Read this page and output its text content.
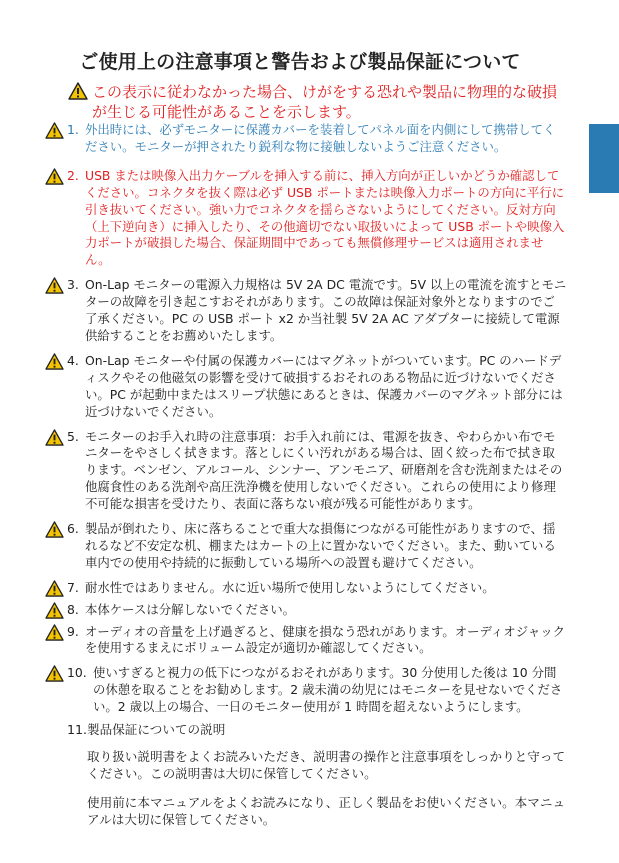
ご使用上の注意事項と警告および製品保証について
この表示に従わなかった場合、けがをする恐れや製品に物理的な破損が生じる可能性があることを示します。
1. 外出時には、必ずモニターに保護カバーを装着してパネル面を内側にして携帯してください。モニターが押されたり鋭利な物に接触しないようご注意ください。
2. USB または映像入出力ケーブルを挿入する前に、挿入方向が正しいかどうか確認してください。コネクタを抜く際は必ず USB ポートまたは映像入力ポートの方向に平行に引き抜いてください。強い力でコネクタを揺らさないようにしてください。反対方向（上下逆向き）に挿入したり、その他適切でない取扱いによって USB ポートや映像入力ポートが破損した場合、保証期間中であっても無償修理サービスは適用されません。
3. On-Lap モニターの電源入力規格は 5V 2A DC 電流です。5V 以上の電流を流すとモニターの故障を引き起こすおそれがあります。この故障は保証対象外となりますのでご了承ください。PC の USB ポート x2 か当社製 5V 2A AC アダプターに接続して電源供給することをお薦めいたします。
4. On-Lap モニターや付属の保護カバーにはマグネットがついています。PC のハードディスクやその他磁気の影響を受けて破損するおそれのある物品に近づけないでください。PC が起動中またはスリープ状態にあるときは、保護カバーのマグネット部分には近づけないでください。
5. モニターのお手入れ時の注意事項：お手入れ前には、電源を抜き、やわらかい布でモニターをやさしく拭きます。落としにくい汚れがある場合は、固く絞った布で拭き取ります。ベンゼン、アルコール、シンナー、アンモニア、研磨剤を含む洗剤またはその他腐食性のある洗剤や高圧洗浄機を使用しないでください。これらの使用により修理不可能な損害を受けたり、表面に落ちない痕が残る可能性があります。
6. 製品が倒れたり、床に落ちることで重大な損傷につながる可能性がありますので、揺れるなど不安定な机、棚またはカートの上に置かないでください。また、動いている車内での使用や持続的に振動している場所への設置も避けてください。
7. 耐水性ではありません。水に近い場所で使用しないようにしてください。
8. 本体ケースは分解しないでください。
9. オーディオの音量を上げ過ぎると、健康を損なう恐れがあります。オーディオジャックを使用するまえにボリューム設定が適切か確認してください。
10. 使いすぎると視力の低下につながるおそれがあります。30 分使用した後は 10 分間の休憩を取ることをお勧めします。2 歳未満の幼児にはモニターを見せないでください。2 歳以上の場合、一日のモニター使用が 1 時間を超えないようにします。
11.製品保証についての説明
取り扱い説明書をよくお読みいただき、説明書の操作と注意事項をしっかりと守ってください。この説明書は大切に保管してください。
使用前に本マニュアルをよくお読みになり、正しく製品をお使いください。本マニュアルは大切に保管してください。
